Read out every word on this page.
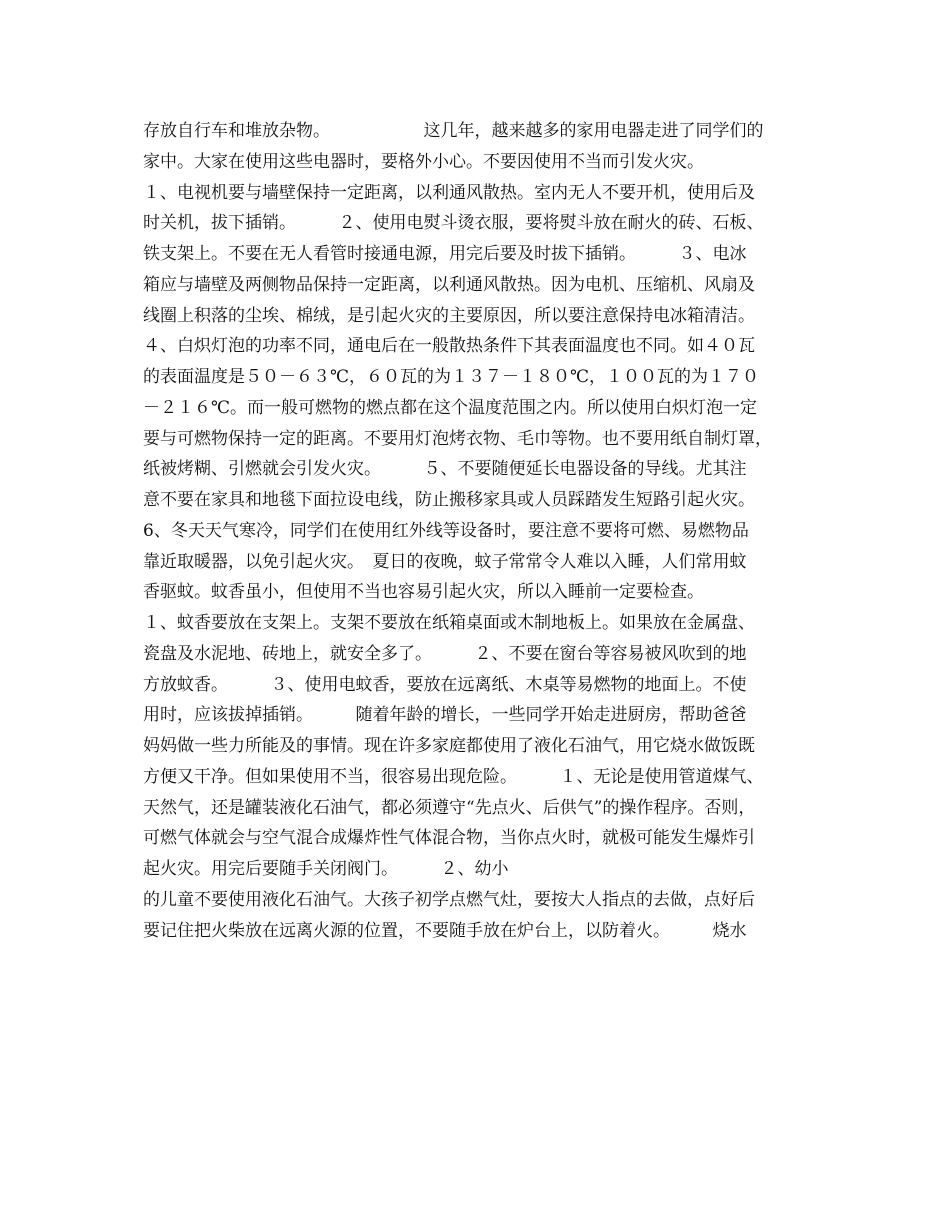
存放自行车和堆放杂物。　　　　　　这几年，越来越多的家用电器走进了同学们的
家中。大家在使用这些电器时，要格外小心。不要因使用不当而引发火灾。
１、电视机要与墙壁保持一定距离，以利通风散热。室内无人不要开机，使用后及
时关机，拔下插销。　　　２、使用电熨斗烫衣服，要将熨斗放在耐火的砖、石板、
铁支架上。不要在无人看管时接通电源，用完后要及时拔下插销。　　　３、电冰
箱应与墙壁及两侧物品保持一定距离，以利通风散热。因为电机、压缩机、风扇及
线圈上积落的尘埃、棉绒，是引起火灾的主要原因，所以要注意保持电冰箱清洁。
４、白炽灯泡的功率不同，通电后在一般散热条件下其表面温度也不同。如４０瓦
的表面温度是５０－６３℃，６０瓦的为１３７－１８０℃，１００瓦的为１７０
－２１６℃。而一般可燃物的燃点都在这个温度范围之内。所以使用白炽灯泡一定
要与可燃物保持一定的距离。不要用灯泡烤衣物、毛巾等物。也不要用纸自制灯罩，
纸被烤糊、引燃就会引发火灾。　　　５、不要随便延长电器设备的导线。尤其注
意不要在家具和地毯下面拉设电线，防止搬移家具或人员踩踏发生短路引起火灾。
6、冬天天气寒冷，同学们在使用红外线等设备时，要注意不要将可燃、易燃物品
靠近取暖器，以免引起火灾。　夏日的夜晚，蚊子常常令人难以入睡，人们常用蚊
香驱蚊。蚊香虽小，但使用不当也容易引起火灾，所以入睡前一定要检查。
１、蚊香要放在支架上。支架不要放在纸箱桌面或木制地板上。如果放在金属盘、
瓷盘及水泥地、砖地上，就安全多了。　　　２、不要在窗台等容易被风吹到的地
方放蚊香。　　　３、使用电蚊香，要放在远离纸、木桌等易燃物的地面上。不使
用时，应该拔掉插销。　　　随着年龄的增长，一些同学开始走进厨房，帮助爸爸
妈妈做一些力所能及的事情。现在许多家庭都使用了液化石油气，用它烧水做饭既
方便又干净。但如果使用不当，很容易出现危险。　　　１、无论是使用管道煤气、
天然气，还是罐装液化石油气，都必须遵守“先点火、后供气”的操作程序。否则，
可燃气体就会与空气混合成爆炸性气体混合物，当你点火时，就极可能发生爆炸引
起火灾。用完后要随手关闭阀门。　　　２、幼小
的儿童不要使用液化石油气。大孩子初学点燃气灶，要按大人指点的去做，点好后
要记住把火柴放在远离火源的位置，不要随手放在炉台上，以防着火。　　　烧水
